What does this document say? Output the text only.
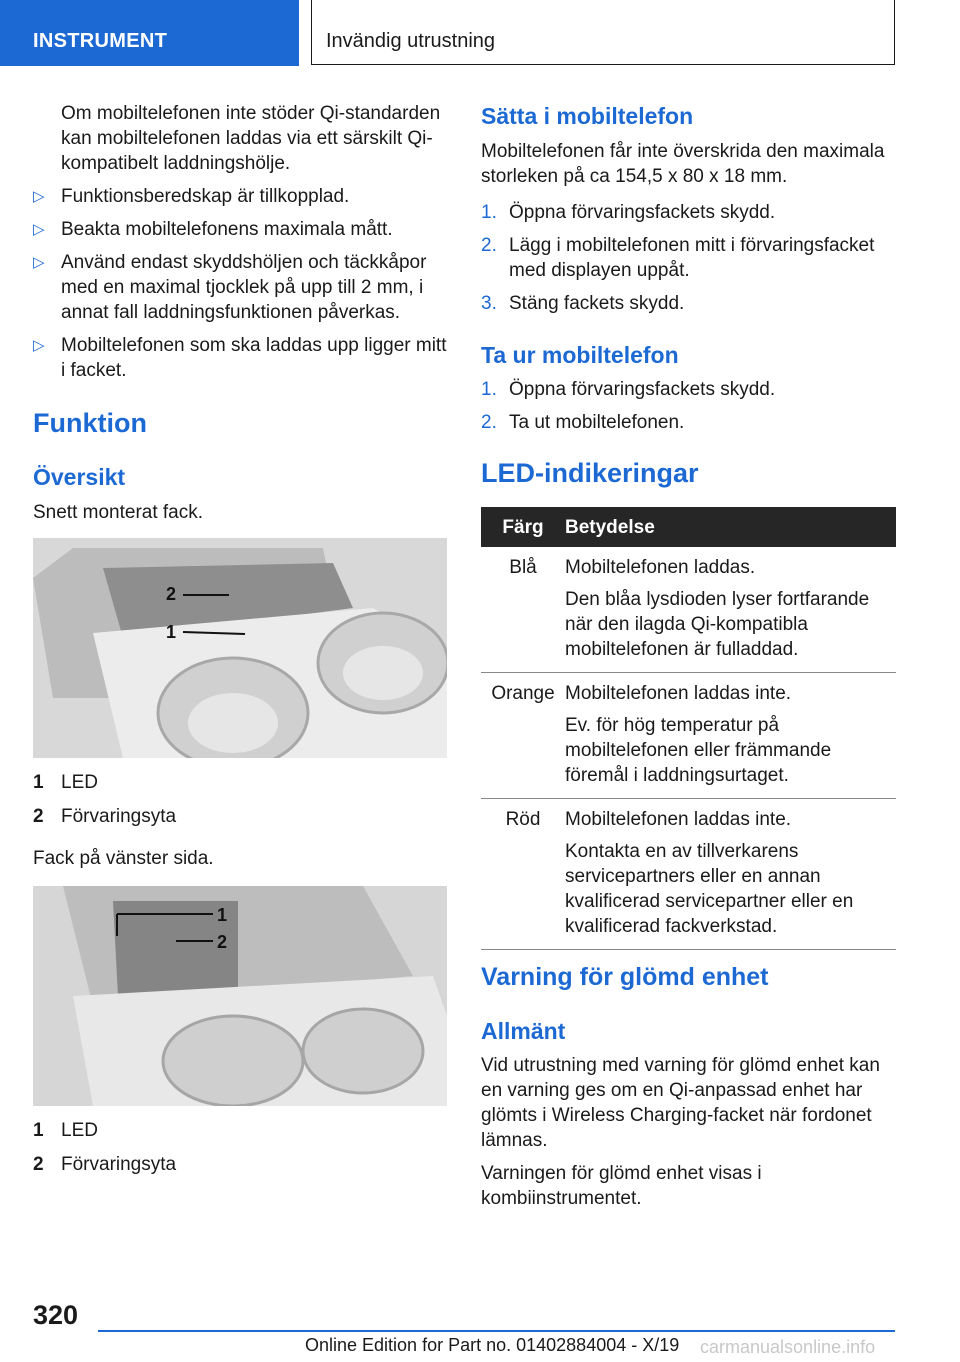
INSTRUMENT	Invändig utrustning

Om mobiltelefonen inte stöder Qi-standarden kan mobiltelefonen laddas via ett särskilt Qi-kompatibelt laddningshölje.

▷ Funktionsberedskap är tillkopplad.
▷ Beakta mobiltelefonens maximala mått.
▷ Använd endast skyddshöljen och täckkåpor med en maximal tjocklek på upp till 2 mm, i annat fall laddningsfunktionen påverkas.
▷ Mobiltelefonen som ska laddas upp ligger mitt i facket.
Funktion
Översikt
Snett monterat fack.
2
1
1 LED
2 Förvaringsyta
Fack på vänster sida.
1
2
1 LED
2 Förvaringsyta
Sätta i mobiltelefon

Mobiltelefonen får inte överskrida den maximala storleken på ca 154,5 x 80 x 18 mm.

1. Öppna förvaringsfackets skydd.
2. Lägg i mobiltelefonen mitt i förvaringsfacket med displayen uppåt.
3. Stäng fackets skydd.
Ta ur mobiltelefon
1. Öppna förvaringsfackets skydd.
2. Ta ut mobiltelefonen.
LED-indikeringar
Färg	Betydelse
Blå	Mobiltelefonen laddas.
Den blåa lysdioden lyser fortfarande när den ilagda Qi-kompatibla mobiltelefonen är fulladdad.

Orange	Mobiltelefonen laddas inte.
Ev. för hög temperatur på mobiltelefonen eller främmande föremål i laddningsurtaget.

Röd	Mobiltelefonen laddas inte.
Kontakta en av tillverkarens servicepartners eller en annan kvalificerad servicepartner eller en kvalificerad fackverkstad.
Varning för glömd enhet
Allmänt

Vid utrustning med varning för glömd enhet kan en varning ges om en Qi-anpassad enhet har glömts i Wireless Charging-facket när fordonet lämnas.

Varningen för glömd enhet visas i kombiinstrumentet.

320
Online Edition for Part no. 01402884004 - X/19 carmanualsonline.info
